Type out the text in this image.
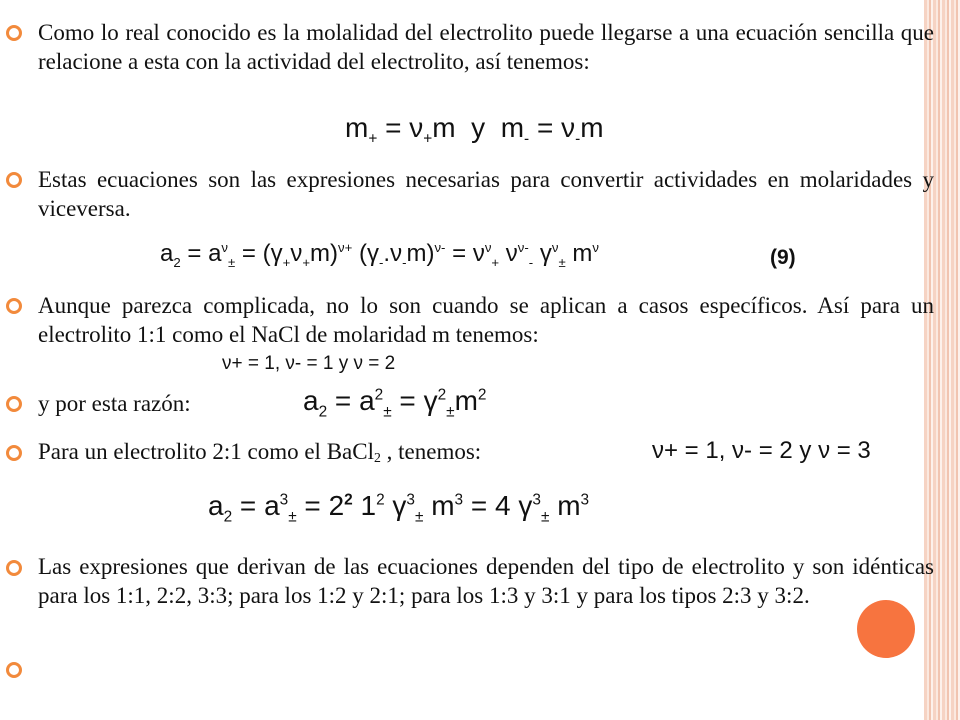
Como lo real conocido es la molalidad del electrolito puede llegarse a una ecuación sencilla que relacione a esta con la actividad del electrolito, así tenemos:
$m_+ = \nu_+m$  y  $m_- = \nu_-m$
Estas ecuaciones son las expresiones necesarias para convertir actividades en molaridades y viceversa.
$a_2 = a^\nu_\pm = (\gamma_+\nu_+m)^{\nu+}$ $(\gamma_-.\nu_-m)^{\nu-} = \nu^\nu_+$ $\nu^{\nu-}_-$ $\gamma^\nu_\pm$ $m^\nu$	(9)
Aunque parezca complicada, no lo son cuando se aplican a casos específicos. Así para un electrolito 1:1 como el NaCl de molaridad m tenemos:
ν+ = 1, ν- = 1 y ν = 2
y por esta razón:	$a_2 = a^2_\pm = \gamma^2_\pm m^2$
Para un electrolito 2:1 como el BaCl2 , tenemos:	ν+ = 1, ν- = 2 y ν = 3
$a_2 = a^3_\pm = 2^2$ $1^2$ $\gamma^3_\pm$ $m^3 = 4$ $\gamma^3_\pm$ $m^3$
Las expresiones que derivan de las ecuaciones dependen del tipo de electrolito y son idénticas para los 1:1, 2:2, 3:3; para los 1:2 y 2:1; para los 1:3 y 3:1 y para los tipos 2:3 y 3:2.
